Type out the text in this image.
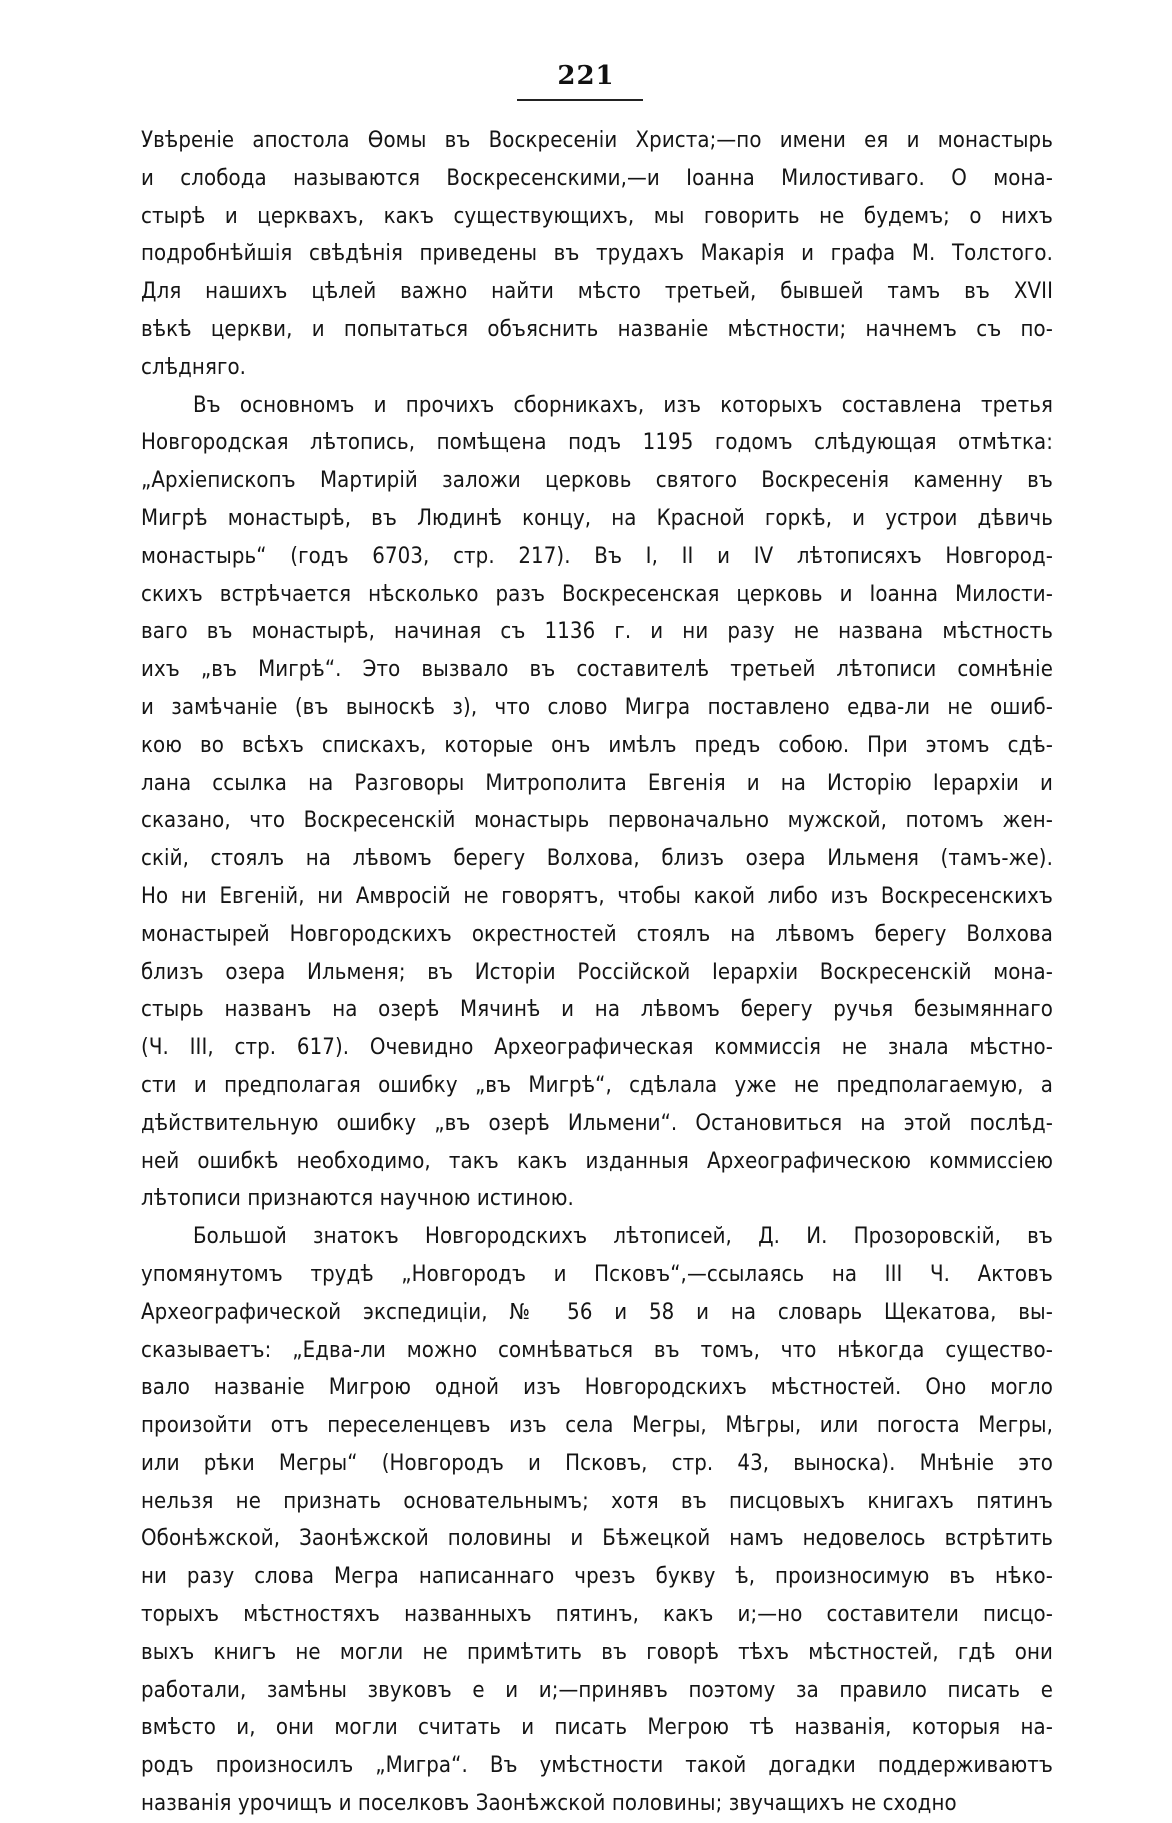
221
Увѣреніе апостола Ѳомы въ Воскресеніи Христа;—по имени ея и монастырь
и слобода называются Воскресенскими,—и Іоанна Милостиваго. О мона-
стырѣ и церквахъ, какъ существующихъ, мы говорить не будемъ; о нихъ
подробнѣйшія свѣдѣнія приведены въ трудахъ Макарія и графа М. Толстого.
Для нашихъ цѣлей важно найти мѣсто третьей, бывшей тамъ въ XVII
вѣкѣ церкви, и попытаться объяснить названіе мѣстности; начнемъ съ по-
слѣдняго.
Въ основномъ и прочихъ сборникахъ, изъ которыхъ составлена третья
Новгородская лѣтопись, помѣщена подъ 1195 годомъ слѣдующая отмѣтка:
„Архіепископъ Мартирій заложи церковь святого Воскресенія каменну въ
Мигрѣ монастырѣ, въ Людинѣ концу, на Красной горкѣ, и устрои дѣвичь
монастырь“ (годъ 6703, стр. 217). Въ I, II и IV лѣтописяхъ Новгород-
скихъ встрѣчается нѣсколько разъ Воскресенская церковь и Іоанна Милости-
ваго въ монастырѣ, начиная съ 1136 г. и ни разу не названа мѣстность
ихъ „въ Мигрѣ“. Это вызвало въ составителѣ третьей лѣтописи сомнѣніе
и замѣчаніе (въ выноскѣ з), что слово Мигра поставлено едва-ли не ошиб-
кою во всѣхъ спискахъ, которые онъ имѣлъ предъ собою. При этомъ сдѣ-
лана ссылка на Разговоры Митрополита Евгенія и на Исторію Іерархіи и
сказано, что Воскресенскій монастырь первоначально мужской, потомъ жен-
скій, стоялъ на лѣвомъ берегу Волхова, близъ озера Ильменя (тамъ-же).
Но ни Евгеній, ни Амвросій не говорятъ, чтобы какой либо изъ Воскресенскихъ
монастырей Новгородскихъ окрестностей стоялъ на лѣвомъ берегу Волхова
близъ озера Ильменя; въ Исторіи Россійской Іерархіи Воскресенскій мона-
стырь названъ на озерѣ Мячинѣ и на лѣвомъ берегу ручья безымяннаго
(Ч. III, стр. 617). Очевидно Археографическая коммиссія не знала мѣстно-
сти и предполагая ошибку „въ Мигрѣ“, сдѣлала уже не предполагаемую, а
дѣйствительную ошибку „въ озерѣ Ильмени“. Остановиться на этой послѣд-
ней ошибкѣ необходимо, такъ какъ изданныя Археографическою коммиссіею
лѣтописи признаются научною истиною.
Большой знатокъ Новгородскихъ лѣтописей, Д. И. Прозоровскій, въ
упомянутомъ трудѣ „Новгородъ и Псковъ“,—ссылаясь на III Ч. Актовъ
Археографической экспедиціи, № 56 и 58 и на словарь Щекатова, вы-
сказываетъ: „Едва-ли можно сомнѣваться въ томъ, что нѣкогда существо-
вало названіе Мигрою одной изъ Новгородскихъ мѣстностей. Оно могло
произойти отъ переселенцевъ изъ села Мегры, Мѣгры, или погоста Мегры,
или рѣки Мегры“ (Новгородъ и Псковъ, стр. 43, выноска). Мнѣніе это
нельзя не признать основательнымъ; хотя въ писцовыхъ книгахъ пятинъ
Обонѣжской, Заонѣжской половины и Бѣжецкой намъ недовелось встрѣтить
ни разу слова Мегра написаннаго чрезъ букву ѣ, произносимую въ нѣко-
торыхъ мѣстностяхъ названныхъ пятинъ, какъ и;—но составители писцо-
выхъ книгъ не могли не примѣтить въ говорѣ тѣхъ мѣстностей, гдѣ они
работали, замѣны звуковъ е и и;—принявъ поэтому за правило писать е
вмѣсто и, они могли считать и писать Мегрою тѣ названія, которыя на-
родъ произносилъ „Мигра“. Въ умѣстности такой догадки поддерживаютъ
названія урочищъ и поселковъ Заонѣжской половины; звучащихъ не сходно
